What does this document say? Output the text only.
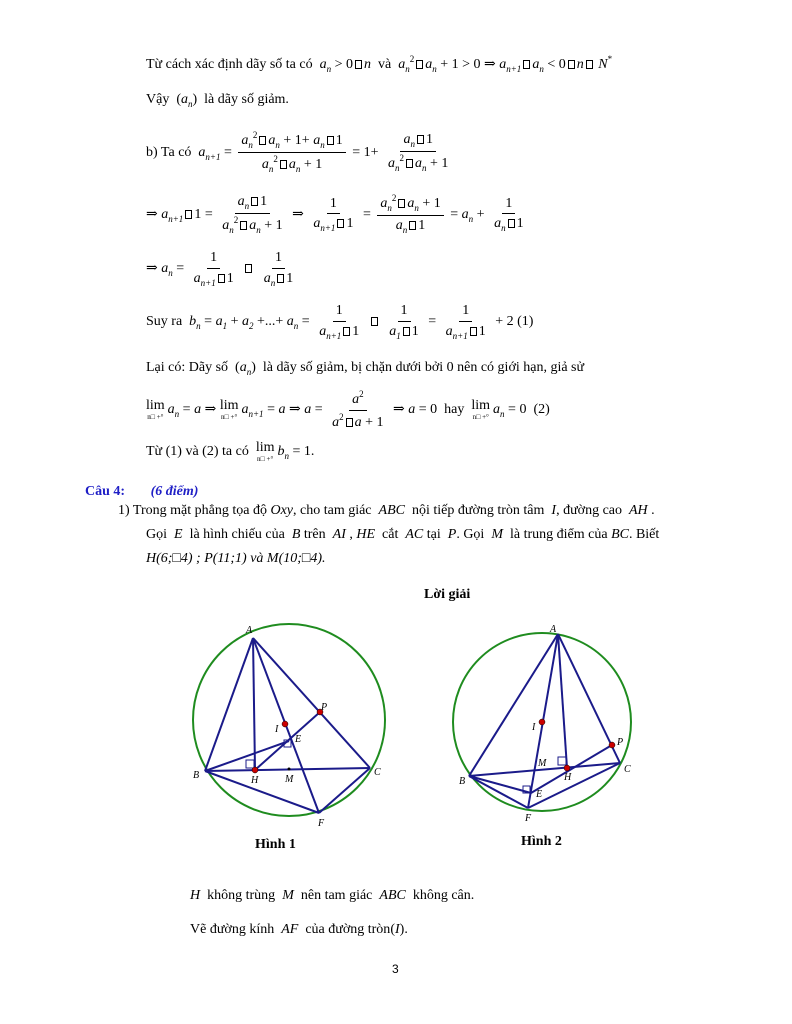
Từ cách xác định dãy số ta có  $a_n > 0$ n và $a_n^2$ $a_n + 1 > 0$ ⇒ $a_{n+1}$ $a_n < 0$ n N*
Vậy  $(a_n)$  là dãy số giảm.
b) Ta có  $a_{n+1} = \frac{a_n^2 a_n + 1+ a_n 1}{a_n^2 a_n + 1} = 1+ \frac{a_n 1}{a_n^2 a_n + 1}$
⇒ $a_{n+1}$ $1 = \frac{a_n 1}{a_n^2 a_n + 1}$ ⇒ $\frac{1}{a_{n+1} 1} = \frac{a_n^2 a_n + 1}{a_n 1} = a_n + \frac{1}{a_n 1}$
⇒ $a_n = \frac{1}{a_{n+1} 1}$
$\frac{1}{a_n 1}$
Suy ra  $b_n = a_1 + a_2$ +...+ $a_n = \frac{1}{a_{n+1} 1}$
$\frac{1}{a_1 1} = \frac{1}{a_{n+1} 1} + 2$ (1)
Lại có: Dãy số  $(a_n)$  là dãy số giảm, bị chặn dưới bởi 0 nên có giới hạn, giả sử
lim
n□ +° $a_n = a$ ⇒ lim
n□ +° $a_{n+1} = a$ ⇒ $a = \frac{a^2}{a^2 a + 1}$ ⇒ a = 0  hay lim
n□ +° $a_n = 0$  (2)
Từ (1) và (2) ta có lim
n□ +° $b_n = 1$.
Câu 4: (6 điểm)
1) Trong mặt phẳng tọa độ Oxy, cho tam giác ABC nội tiếp đường tròn tâm I, đường cao AH .
Gọi E là hình chiếu của B trên AI , HE cắt AC tại P. Gọi M là trung điểm của BC. Biết
H(6;□4) ; P(11;1) và M(10;□4).
Lời giải
A
P
I
E
B	H	M
C
F
Hình 1
A
I
P
M
H
C
B
E
F
Hình 2
H không trùng M nên tam giác ABC không cân.
Vẽ đường kính AF của đường tròn(I).
3
